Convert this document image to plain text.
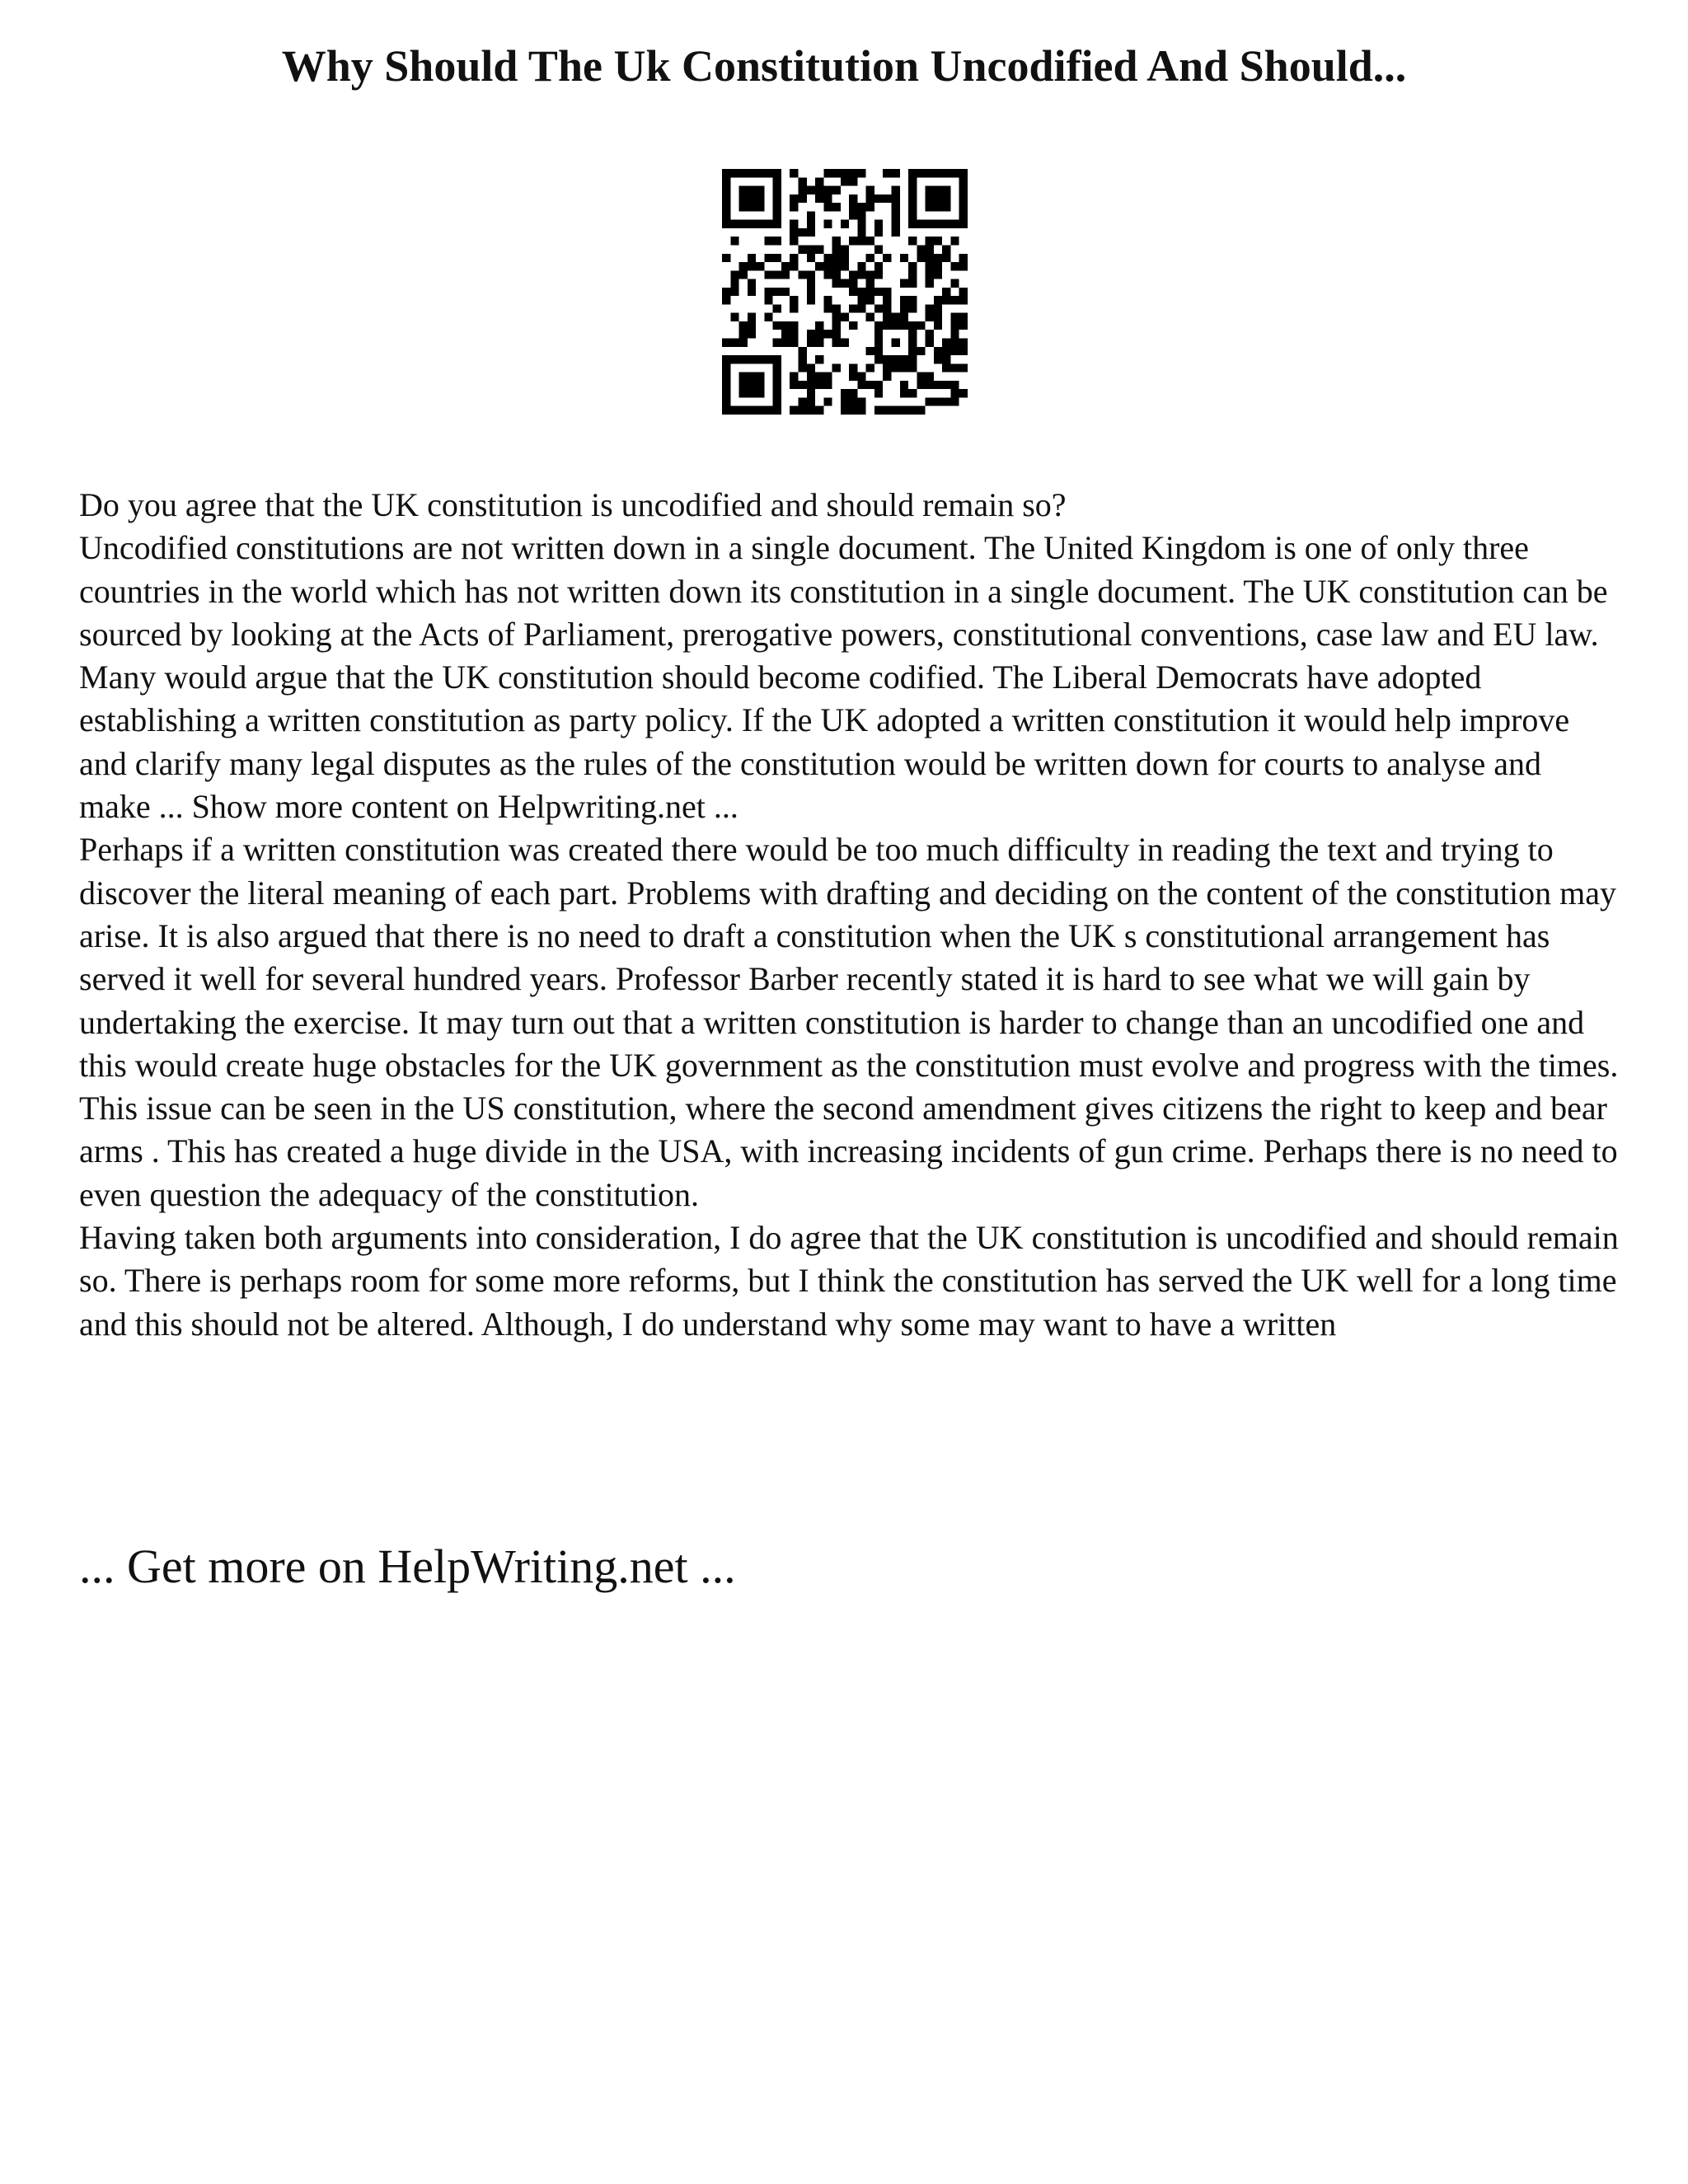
Why Should The Uk Constitution Uncodified And Should...

Do you agree that the UK constitution is uncodified and should remain so?

Uncodified constitutions are not written down in a single document. The United Kingdom is one of only three countries in the world which has not written down its constitution in a single document. The UK constitution can be sourced by looking at the Acts of Parliament, prerogative powers, constitutional conventions, case law and EU law.

Many would argue that the UK constitution should become codified. The Liberal Democrats have adopted establishing a written constitution as party policy. If the UK adopted a written constitution it would help improve and clarify many legal disputes as the rules of the constitution would be written down for courts to analyse and make ... Show more content on Helpwriting.net ...

Perhaps if a written constitution was created there would be too much difficulty in reading the text and trying to discover the literal meaning of each part. Problems with drafting and deciding on the content of the constitution may arise. It is also argued that there is no need to draft a constitution when the UK s constitutional arrangement has served it well for several hundred years. Professor Barber recently stated it is hard to see what we will gain by undertaking the exercise. It may turn out that a written constitution is harder to change than an uncodified one and this would create huge obstacles for the UK government as the constitution must evolve and progress with the times. This issue can be seen in the US constitution, where the second amendment gives citizens the right to keep and bear arms . This has created a huge divide in the USA, with increasing incidents of gun crime. Perhaps there is no need to even question the adequacy of the constitution.

Having taken both arguments into consideration, I do agree that the UK constitution is uncodified and should remain so. There is perhaps room for some more reforms, but I think the constitution has served the UK well for a long time and this should not be altered. Although, I do understand why some may want to have a written

... Get more on HelpWriting.net ...
